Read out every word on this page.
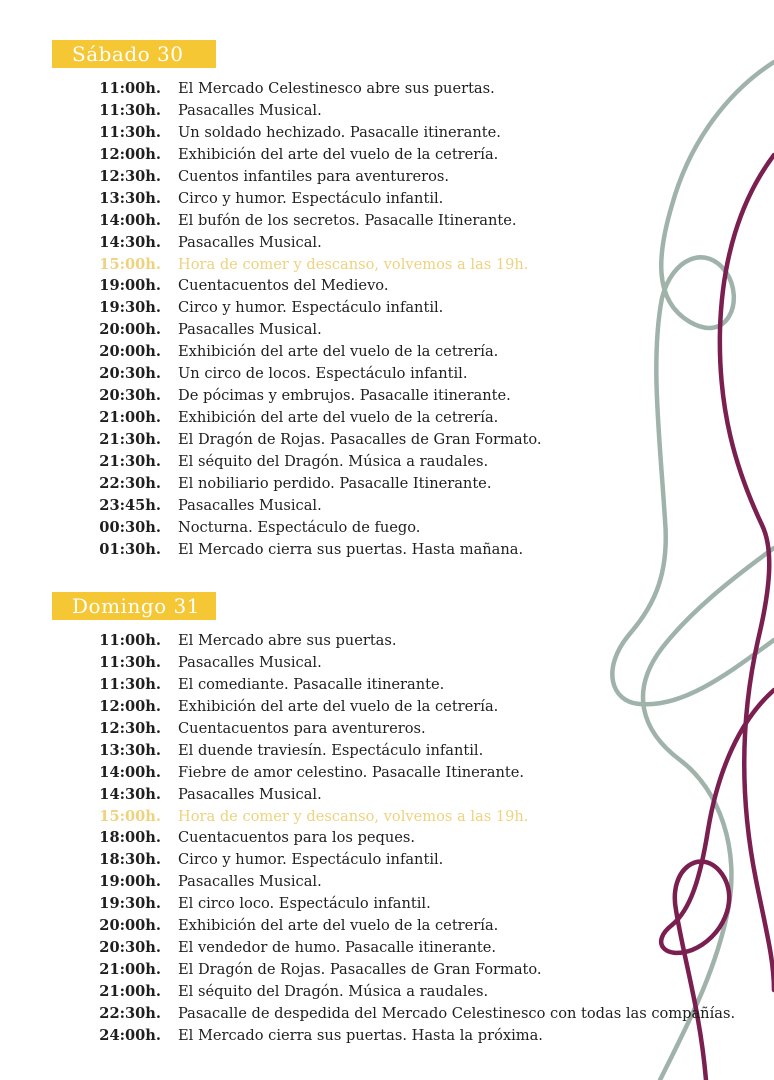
Sábado 30
11:00h. El Mercado Celestinesco abre sus puertas.
11:30h. Pasacalles Musical.
11:30h. Un soldado hechizado. Pasacalle itinerante.
12:00h. Exhibición del arte del vuelo de la cetrería.
12:30h. Cuentos infantiles para aventureros.
13:30h. Circo y humor. Espectáculo infantil.
14:00h. El bufón de los secretos. Pasacalle Itinerante.
14:30h. Pasacalles Musical.
15:00h. Hora de comer y descanso, volvemos a las 19h.
19:00h. Cuentacuentos del Medievo.
19:30h. Circo y humor. Espectáculo infantil.
20:00h. Pasacalles Musical.
20:00h. Exhibición del arte del vuelo de la cetrería.
20:30h. Un circo de locos. Espectáculo infantil.
20:30h. De pócimas y embrujos. Pasacalle itinerante.
21:00h. Exhibición del arte del vuelo de la cetrería.
21:30h. El Dragón de Rojas. Pasacalles de Gran Formato.
21:30h. El séquito del Dragón. Música a raudales.
22:30h. El nobiliario perdido. Pasacalle Itinerante.
23:45h. Pasacalles Musical.
00:30h. Nocturna. Espectáculo de fuego.
01:30h. El Mercado cierra sus puertas. Hasta mañana.
Domingo 31
11:00h. El Mercado abre sus puertas.
11:30h. Pasacalles Musical.
11:30h. El comediante. Pasacalle itinerante.
12:00h. Exhibición del arte del vuelo de la cetrería.
12:30h. Cuentacuentos para aventureros.
13:30h. El duende traviesín. Espectáculo infantil.
14:00h. Fiebre de amor celestino. Pasacalle Itinerante.
14:30h. Pasacalles Musical.
15:00h. Hora de comer y descanso, volvemos a las 19h.
18:00h. Cuentacuentos para los peques.
18:30h. Circo y humor. Espectáculo infantil.
19:00h. Pasacalles Musical.
19:30h. El circo loco. Espectáculo infantil.
20:00h. Exhibición del arte del vuelo de la cetrería.
20:30h. El vendedor de humo. Pasacalle itinerante.
21:00h. El Dragón de Rojas. Pasacalles de Gran Formato.
21:00h. El séquito del Dragón. Música a raudales.
22:30h. Pasacalle de despedida del Mercado Celestinesco con todas las compañías.
24:00h. El Mercado cierra sus puertas. Hasta la próxima.
